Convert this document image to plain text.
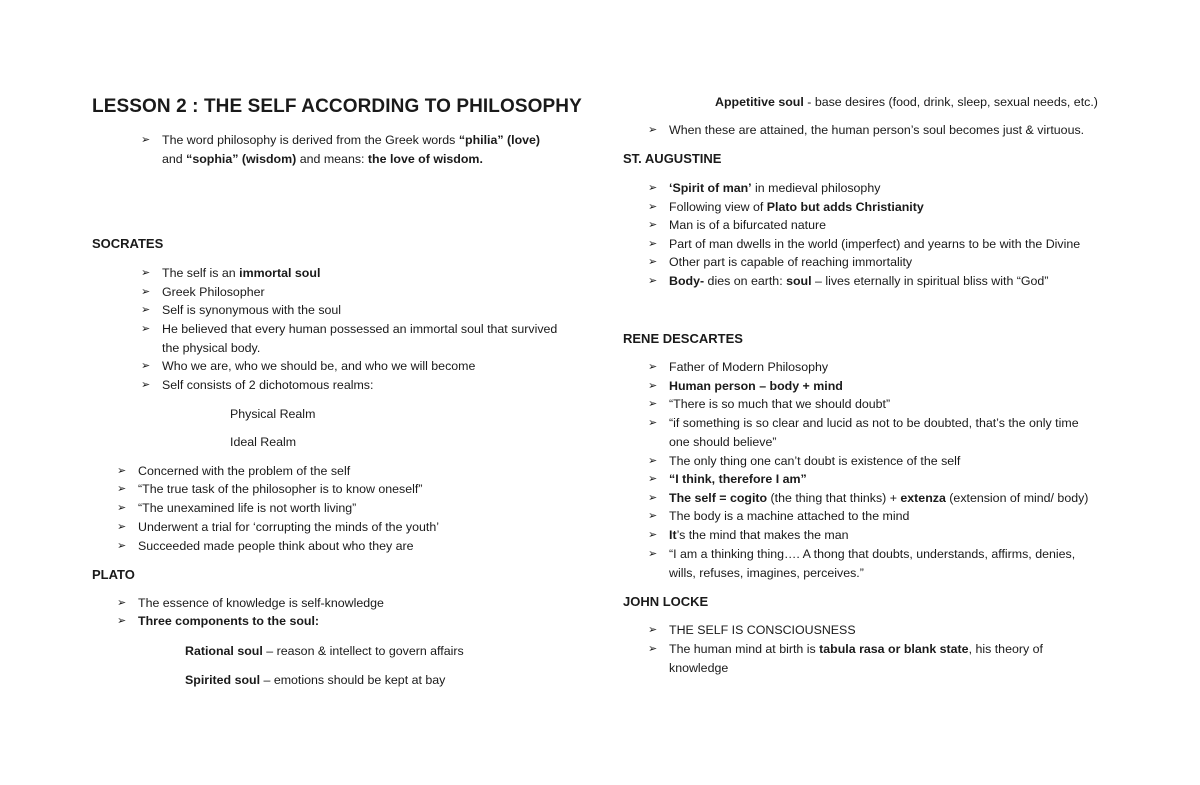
LESSON 2 : THE SELF ACCORDING TO PHILOSOPHY
➢ The word philosophy is derived from the Greek words “philia” (love)
and “sophia” (wisdom) and means: the love of wisdom.
SOCRATES
➢ The self is an immortal soul
➢ Greek Philosopher
➢ Self is synonymous with the soul
➢ He believed that every human possessed an immortal soul that survived
the physical body.
➢ Who we are, who we should be, and who we will become
➢ Self consists of 2 dichotomous realms:
Physical Realm
Ideal Realm
➢ Concerned with the problem of the self
➢ “The true task of the philosopher is to know oneself”
➢ “The unexamined life is not worth living”
➢ Underwent a trial for ‘corrupting the minds of the youth’
➢ Succeeded made people think about who they are
PLATO
➢ The essence of knowledge is self-knowledge
➢ Three components to the soul:
Rational soul – reason & intellect to govern affairs
Spirited soul – emotions should be kept at bay
Appetitive soul - base desires (food, drink, sleep, sexual needs, etc.)
➢ When these are attained, the human person’s soul becomes just & virtuous.
ST. AUGUSTINE
➢ ‘Spirit of man’ in medieval philosophy
➢ Following view of Plato but adds Christianity
➢ Man is of a bifurcated nature
➢ Part of man dwells in the world (imperfect) and yearns to be with the Divine
➢ Other part is capable of reaching immortality
➢ Body- dies on earth: soul – lives eternally in spiritual bliss with “God”
RENE DESCARTES
➢ Father of Modern Philosophy
➢ Human person – body + mind
➢ “There is so much that we should doubt”
➢ “if something is so clear and lucid as not to be doubted, that’s the only time
one should believe”
➢ The only thing one can’t doubt is existence of the self
➢ “I think, therefore I am”
➢ The self = cogito (the thing that thinks) + extenza (extension of mind/ body)
➢ The body is a machine attached to the mind
➢ It’s the mind that makes the man
➢ “I am a thinking thing…. A thong that doubts, understands, affirms, denies,
wills, refuses, imagines, perceives.”
JOHN LOCKE
➢ THE SELF IS CONSCIOUSNESS
➢ The human mind at birth is tabula rasa or blank state, his theory of
knowledge
